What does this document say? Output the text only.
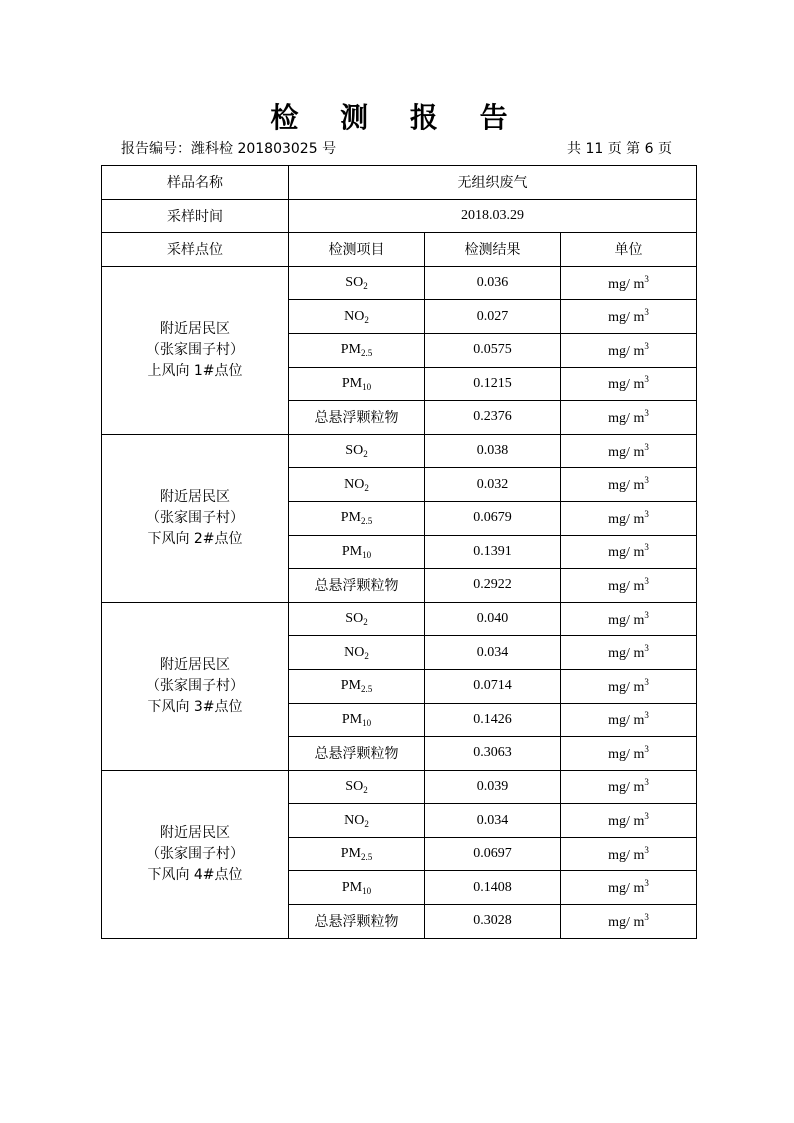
检 测 报 告
报告编号：潍科检 201803025 号	共 11 页 第 6 页
样品名称	无组织废气		
采样时间	2018.03.29		
采样点位	检测项目	检测结果	单位

附近居民区
（张家围子村）
上风向 1#点位	$SO_2$	0.036	mg/ $m^3$
	$NO_2$	0.027	mg/ $m^3$
	$PM_{2.5}$	0.0575	mg/ $m^3$
	$PM_{10}$	0.1215	mg/ $m^3$
	总悬浮颗粒物	0.2376	mg/ $m^3$

附近居民区
（张家围子村）
下风向 2#点位	$SO_2$	0.038	mg/ $m^3$
	$NO_2$	0.032	mg/ $m^3$
	$PM_{2.5}$	0.0679	mg/ $m^3$
	$PM_{10}$	0.1391	mg/ $m^3$
	总悬浮颗粒物	0.2922	mg/ $m^3$

附近居民区
（张家围子村）
下风向 3#点位	$SO_2$	0.040	mg/ $m^3$
	$NO_2$	0.034	mg/ $m^3$
	$PM_{2.5}$	0.0714	mg/ $m^3$
	$PM_{10}$	0.1426	mg/ $m^3$
	总悬浮颗粒物	0.3063	mg/ $m^3$

附近居民区
（张家围子村）
下风向 4#点位	$SO_2$	0.039	mg/ $m^3$
	$NO_2$	0.034	mg/ $m^3$
	$PM_{2.5}$	0.0697	mg/ $m^3$
	$PM_{10}$	0.1408	mg/ $m^3$
	总悬浮颗粒物	0.3028	mg/ $m^3$
